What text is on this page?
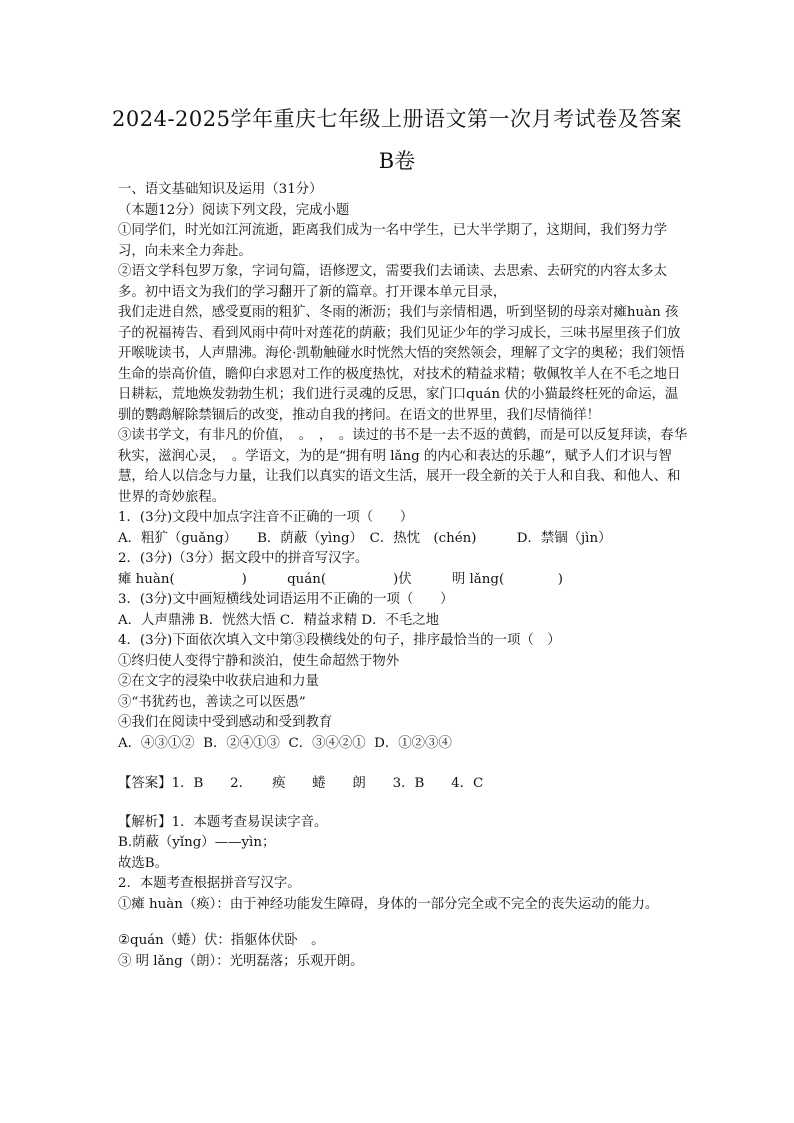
2024-2025学年重庆七年级上册语文第一次月考试卷及答案
B卷

一、语文基础知识及运用（31分）

（本题12分）阅读下列文段，完成小题

①同学们，时光如江河流逝，距离我们成为一名中学生，已大半学期了，这期间，我们努力学习，向未来全力奔赴。

②语文学科包罗万象，字词句篇，语修逻文，需要我们去诵读、去思索、去研究的内容太多太多。初中语文为我们的学习翻开了新的篇章。打开课本单元目录，

我们走进自然，感受夏雨的粗犷、冬雨的淅沥；我们与亲情相遇，听到坚韧的母亲对瘫huàn 孩子的祝福祷告、看到风雨中荷叶对莲花的荫蔽；我们见证少年的学习成长，三味书屋里孩子们放开喉咙读书，人声鼎沸。海伦·凯勒触碰水时恍然大悟的突然领会，理解了文字的奥秘；我们领悟生命的崇高价值，瞻仰白求恩对工作的极度热忱，对技术的精益求精；敬佩牧羊人在不毛之地日日耕耘，荒地焕发勃勃生机；我们进行灵魂的反思，家门口quán 伏的小猫最终枉死的命运，温驯的鹦鹉解除禁锢后的改变，推动自我的拷问。在语文的世界里，我们尽情徜徉！

③读书学文，有非凡的价值，　。　，　。读过的书不是一去不返的黄鹤，而是可以反复拜读，春华秋实，滋润心灵，　。学语文，为的是“拥有明 lǎng 的内心和表达的乐趣”，赋予人们才识与智慧，给人以信念与力量，让我们以真实的语文生活，展开一段全新的关于人和自我、和他人、和世界的奇妙旅程。

1．(3分)文段中加点字注音不正确的一项（　　）

A．粗犷（guǎng）　　B．荫蔽（yìng）　C．热忱　(chén)　　　D．禁锢（jìn）

2．(3分)（3分）据文段中的拼音写汉字。

瘫 huàn(　　　　　)　　　quán(　　　　　)伏　　　明 lǎng(　　　　)

3．(3分)文中画短横线处词语运用不正确的一项（　　）

A．人声鼎沸 B．恍然大悟 C．精益求精 D．不毛之地

4．(3分)下面依次填入文中第③段横线处的句子，排序最恰当的一项（　）

①终归使人变得宁静和淡泊，使生命超然于物外

②在文字的浸染中收获启迪和力量

③“书犹药也，善读之可以医愚”

④我们在阅读中受到感动和受到教育

A．④③①②  B．②④①③  C．③④②①  D．①②③④

【答案】1．B　　2．　　痪　　蜷　　朗　　3．B　　4．C

【解析】1．本题考查易误读字音。

B.荫蔽（yǐng）——yìn；

故选B。

2．本题考查根据拼音写汉字。

①瘫 huàn（痪）：由于神经功能发生障碍，身体的一部分完全或不完全的丧失运动的能力。

②quán（蜷）伏：指躯体伏卧　。

③ 明 lǎng（朗）：光明磊落；乐观开朗。
